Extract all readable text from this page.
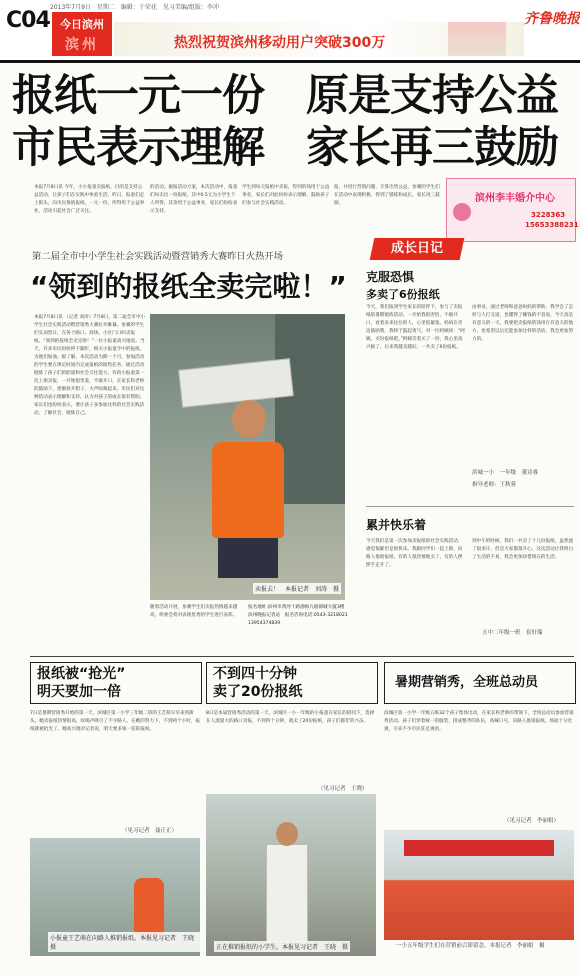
2013年7月9日　星期二　编辑：于荣花　见习美编/组版：李冲
C04 今日滨州
滨州	热烈祝贺滨州移动用户突破300万
齐鲁晚报
报纸一元一份　原是支持公益
市民表示理解　家长再三鼓励
本报7月8日讯 今年，小小报童卖报纸，目的是支持公益活动，让孩子们在实践中体验生活。昨日，报童们走上街头，向市民推销报纸，一元一份，所得用于公益事业，活动引起社会广泛关注。
的活动。据报活动方案，本次活动中，报童们每卖出一份报纸，其中0.5元为小学生个人所得，其余用于公益事业，家长们纷纷表示支持。
学生到每天报纸中卖报，得到的钱用于公益事业，家长们对此纷纷表示理解，鼓励孩子们参与社会实践活动。
报，并进行营销问题，计算出售公益，参赛的学生们在活动中表现积极，得到了锻炼和成长，家长再三鼓励。	滨州李丰婚介中心
3228363
15653388231
第二届全市中小学生社会实践活动暨营销秀大赛昨日火热开场
“领到的报纸全卖完啦！”
本报7月8日讯 （记者 刘涛）7月8日，第二届全市中小学生社会实践活动暨营销秀大赛拉开帷幕。参赛的学生们头顶烈日，在各个路口、商场、小区门口叫卖报纸。“领到的报纸全卖完啦！”一位小报童高兴地说。当天，许多市民纷纷停下脚步，购买小报童手中的报纸，为他们加油。据了解，本次活动为期一个月，参加活动的学生要在规定时间内完成报纸的销售任务，通过活动锻炼了孩子们的胆量和社会交往能力。有的小报童第一次上街卖报，一开始很害羞，不敢开口，在家长和老师的鼓励下，逐渐放开胆子，大声吆喝起来。市民们对这种活动表示理解和支持，认为对孩子的成长很有帮助。家长们也纷纷表示，要让孩子多参加这样的社会实践活动，了解社会，锻炼自己。
卖报去！　本报记者　刘涛　摄
随着活动开展，参赛学生们卖报热情越来越高，组委会将对表现优秀的学生进行表彰。
报名地址:滨州市黄河十路渤海九路锦城大厦3楼滨州晚报记者站　报名咨询电话:0543-3218021 13954374839
成长日记
克服恐惧
多卖了6份报纸
今天，我们报到学生家长的陪伴下，参与了卖报纸的暑期锻炼活动。一开始我很害怕，不敢开口，看着来来往往的人，心里很紧张。妈妈在旁边鼓励我，我终于鼓起勇气，对一位阿姨说：“阿姨，买份报纸吧。”阿姨笑着买了一份，我心里高兴极了。后来我越卖越好，一共卖了6份报纸。
由事业，通过老师和爸爸妈妈的帮助，我学会了怎样与人打交道，也懂得了赚钱的不容易，今天真是有意义的一天。我要把卖报纸的钱用在有意义的地方，也希望以后还能参加这样的活动，我会更加努力的。
滨城一小　一年级　董诗睿
指导老师：王秋蓉
累并快乐着
今天我们是第一次参加卖报纸的社会实践活动，感觉很累但是很快乐。我跟同学们一起上街，向路人推销报纸，有的人很热情地买了，有的人摆摆手走开了。
到中午的时候，我们一共卖了十几份报纸，虽然流了很多汗，但是大家都很开心，这次活动让我明白了生活的不易，我会更加珍惜现在的生活。
五中二年级一班　崔轩瑞
报纸被“抢光”
明天要加一倍
7日是暑期营销秀开始的第一天，滨城区第一小学三年级二班的王艺萌早早来到街头。她卖报纸热情很高，吆喝声吸引了不少路人，在她的努力下，不到两个小时，报纸就被抢光了。她高兴地对记者说，明天要多领一倍的报纸。
（见习记者　聂正正）
小报童王艺萌在向路人推销报纸。本报见习记者　王晓　摄
不到四十分钟
卖了20份报纸
8日是本届营销秀活动的第一天，滨城区一小一年级的小报童在家长的陪同下，选择在人流量大的路口卖报，不到四十分钟，就卖了20份报纸，孩子们都非常兴奋。
（见习记者　王晓）
正在推销报纸的小学生。本报见习记者　王晓　摄
暑期营销秀，全班总动员
滨城区第一小学一年级五班32个孩子集体出动，在家长和老师的带领下，全班总动员参加营销秀活动。孩子们穿着统一的服装，排成整齐的队伍，高喊口号，向路人推销报纸，场面十分壮观，引来不少市民驻足观看。
（见习记者　李丽娟）
一小五年级学生们在营销前合影留念。本报记者　李丽娟　摄
